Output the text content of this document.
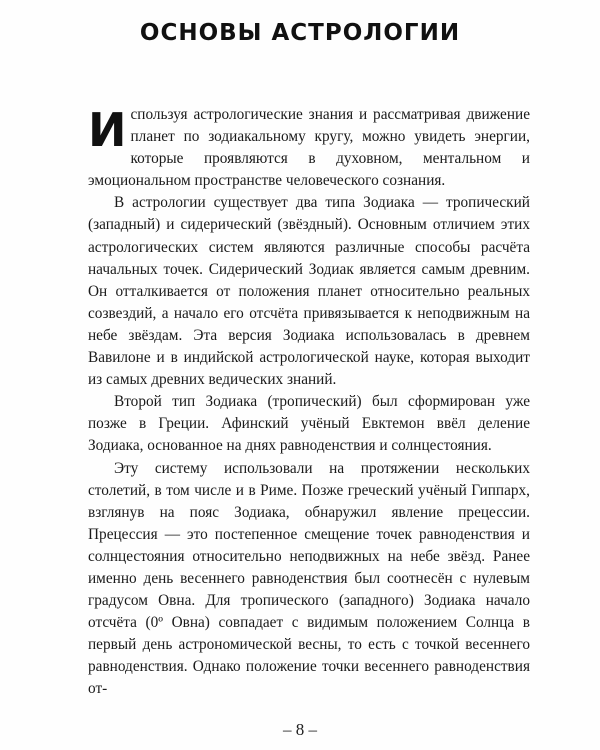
ОСНОВЫ АСТРОЛОГИИ

Используя астрологические знания и рассматривая движение планет по зодиакальному кругу, можно увидеть энергии, которые проявляются в духовном, ментальном и эмоциональном пространстве человеческого сознания.

В астрологии существует два типа Зодиака — тропический (западный) и сидерический (звёздный). Основным отличием этих астрологических систем являются различные способы расчёта начальных точек. Сидерический Зодиак является самым древним. Он отталкивается от положения планет относительно реальных созвездий, а начало его отсчёта привязывается к неподвижным на небе звёздам. Эта версия Зодиака использовалась в древнем Вавилоне и в индийской астрологической науке, которая выходит из самых древних ведических знаний.

Второй тип Зодиака (тропический) был сформирован уже позже в Греции. Афинский учёный Евктемон ввёл деление Зодиака, основанное на днях равноденствия и солнцестояния.

Эту систему использовали на протяжении нескольких столетий, в том числе и в Риме. Позже греческий учёный Гиппарх, взглянув на пояс Зодиака, обнаружил явление прецессии. Прецессия — это постепенное смещение точек равноденствия и солнцестояния относительно неподвижных на небе звёзд. Ранее именно день весеннего равноденствия был соотнесён с нулевым градусом Овна. Для тропического (западного) Зодиака начало отсчёта (0º Овна) совпадает с видимым положением Солнца в первый день астрономической весны, то есть с точкой весеннего равноденствия. Однако положение точки весеннего равноденствия от-

– 8 –
